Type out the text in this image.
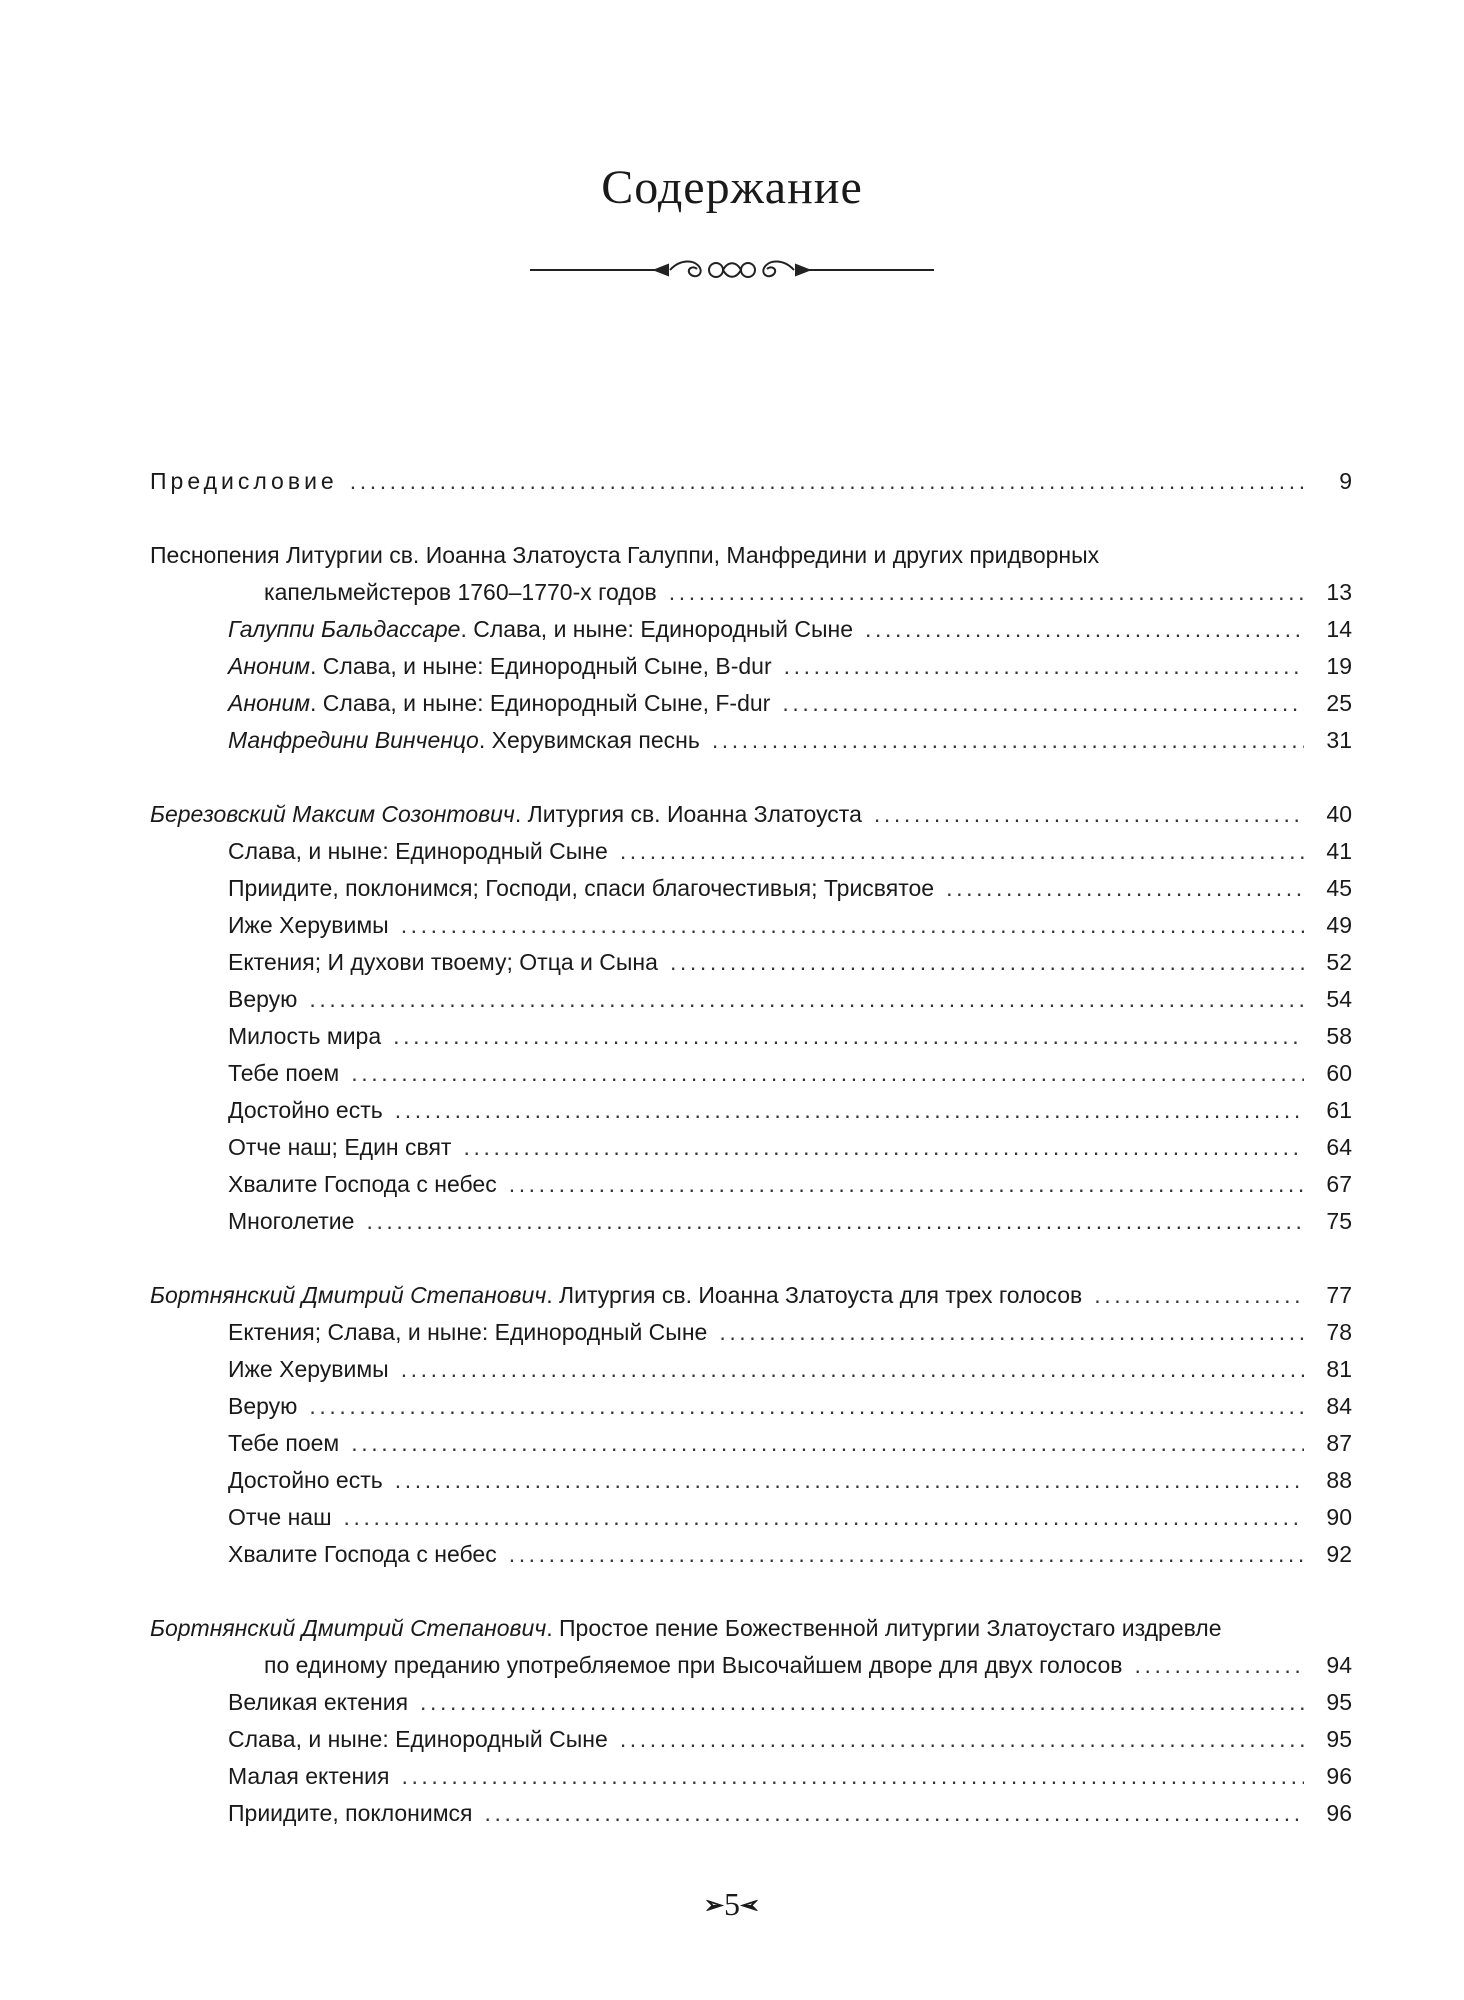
Содержание
Предисловие .....	9
Песнопения Литургии св. Иоанна Златоуста Галуппи, Манфредини и других придворных
капельмейстеров 1760–1770-х годов .....	13
Галуппи Бальдассаре. Слава, и ныне: Единородный Сыне .....	14
Аноним. Слава, и ныне: Единородный Сыне, B-dur .....	19
Аноним. Слава, и ныне: Единородный Сыне, F-dur .....	25
Манфредини Винченцо. Херувимская песнь .....	31
Березовский Максим Созонтович. Литургия св. Иоанна Златоуста .....	40
Слава, и ныне: Единородный Сыне .....	41
Приидите, поклонимся; Господи, спаси благочестивыя; Трисвятое .....	45
Иже Херувимы .....	49
Ектения; И духови твоему; Отца и Сына .....	52
Верую .....	54
Милость мира .....	58
Тебе поем .....	60
Достойно есть .....	61
Отче наш; Един свят .....	64
Хвалите Господа с небес .....	67
Многолетие .....	75
Бортнянский Дмитрий Степанович. Литургия св. Иоанна Златоуста для трех голосов .....	77
Ектения; Слава, и ныне: Единородный Сыне .....	78
Иже Херувимы .....	81
Верую .....	84
Тебе поем .....	87
Достойно есть .....	88
Отче наш .....	90
Хвалите Господа с небес .....	92
Бортнянский Дмитрий Степанович. Простое пение Божественной литургии Златоустаго издревле
по единому преданию употребляемое при Высочайшем дворе для двух голосов .....	94
Великая ектения .....	95
Слава, и ныне: Единородный Сыне .....	95
Малая ектения .....	96
Приидите, поклонимся .....	96
➢5➢
